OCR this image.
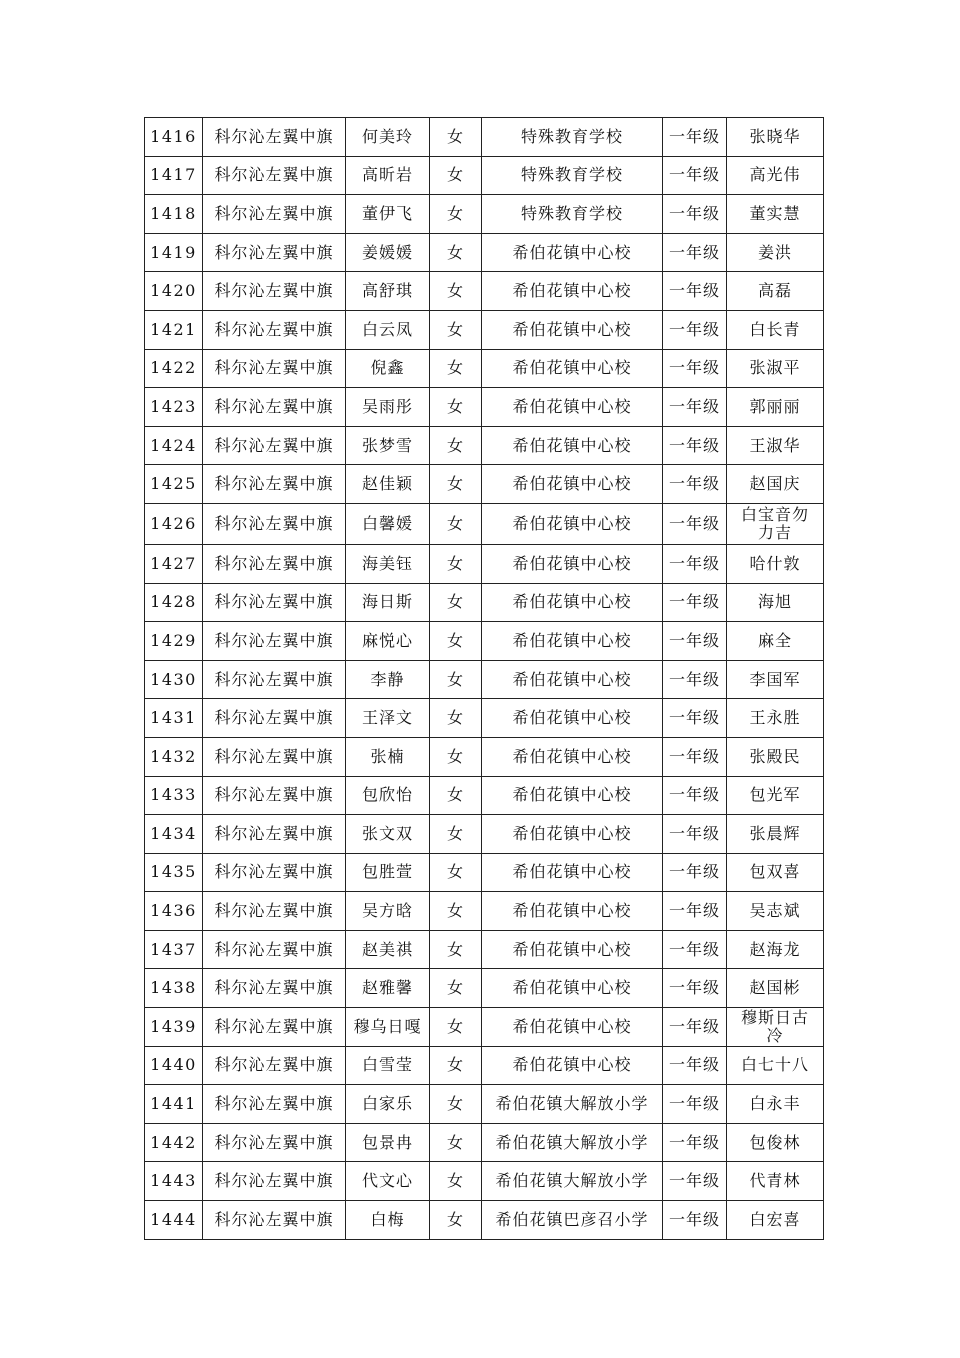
1416	科尔沁左翼中旗	何美玲	女	特殊教育学校	一年级	张晓华
1417	科尔沁左翼中旗	高昕岩	女	特殊教育学校	一年级	高光伟
1418	科尔沁左翼中旗	董伊飞	女	特殊教育学校	一年级	董实慧
1419	科尔沁左翼中旗	姜媛媛	女	希伯花镇中心校	一年级	姜洪
1420	科尔沁左翼中旗	高舒琪	女	希伯花镇中心校	一年级	高磊
1421	科尔沁左翼中旗	白云凤	女	希伯花镇中心校	一年级	白长青
1422	科尔沁左翼中旗	倪鑫	女	希伯花镇中心校	一年级	张淑平
1423	科尔沁左翼中旗	吴雨彤	女	希伯花镇中心校	一年级	郭丽丽
1424	科尔沁左翼中旗	张梦雪	女	希伯花镇中心校	一年级	王淑华
1425	科尔沁左翼中旗	赵佳颖	女	希伯花镇中心校	一年级	赵国庆
1426	科尔沁左翼中旗	白馨媛	女	希伯花镇中心校	一年级	白宝音勿力吉
1427	科尔沁左翼中旗	海美钰	女	希伯花镇中心校	一年级	哈什敦
1428	科尔沁左翼中旗	海日斯	女	希伯花镇中心校	一年级	海旭
1429	科尔沁左翼中旗	麻悦心	女	希伯花镇中心校	一年级	麻全
1430	科尔沁左翼中旗	李静	女	希伯花镇中心校	一年级	李国军
1431	科尔沁左翼中旗	王泽文	女	希伯花镇中心校	一年级	王永胜
1432	科尔沁左翼中旗	张楠	女	希伯花镇中心校	一年级	张殿民
1433	科尔沁左翼中旗	包欣怡	女	希伯花镇中心校	一年级	包光军
1434	科尔沁左翼中旗	张文双	女	希伯花镇中心校	一年级	张晨辉
1435	科尔沁左翼中旗	包胜萱	女	希伯花镇中心校	一年级	包双喜
1436	科尔沁左翼中旗	吴方晗	女	希伯花镇中心校	一年级	吴志斌
1437	科尔沁左翼中旗	赵美祺	女	希伯花镇中心校	一年级	赵海龙
1438	科尔沁左翼中旗	赵雅馨	女	希伯花镇中心校	一年级	赵国彬
1439	科尔沁左翼中旗	穆乌日嘎	女	希伯花镇中心校	一年级	穆斯日古冷
1440	科尔沁左翼中旗	白雪莹	女	希伯花镇中心校	一年级	白七十八
1441	科尔沁左翼中旗	白家乐	女	希伯花镇大解放小学	一年级	白永丰
1442	科尔沁左翼中旗	包景冉	女	希伯花镇大解放小学	一年级	包俊林
1443	科尔沁左翼中旗	代文心	女	希伯花镇大解放小学	一年级	代青林
1444	科尔沁左翼中旗	白梅	女	希伯花镇巴彦召小学	一年级	白宏喜
